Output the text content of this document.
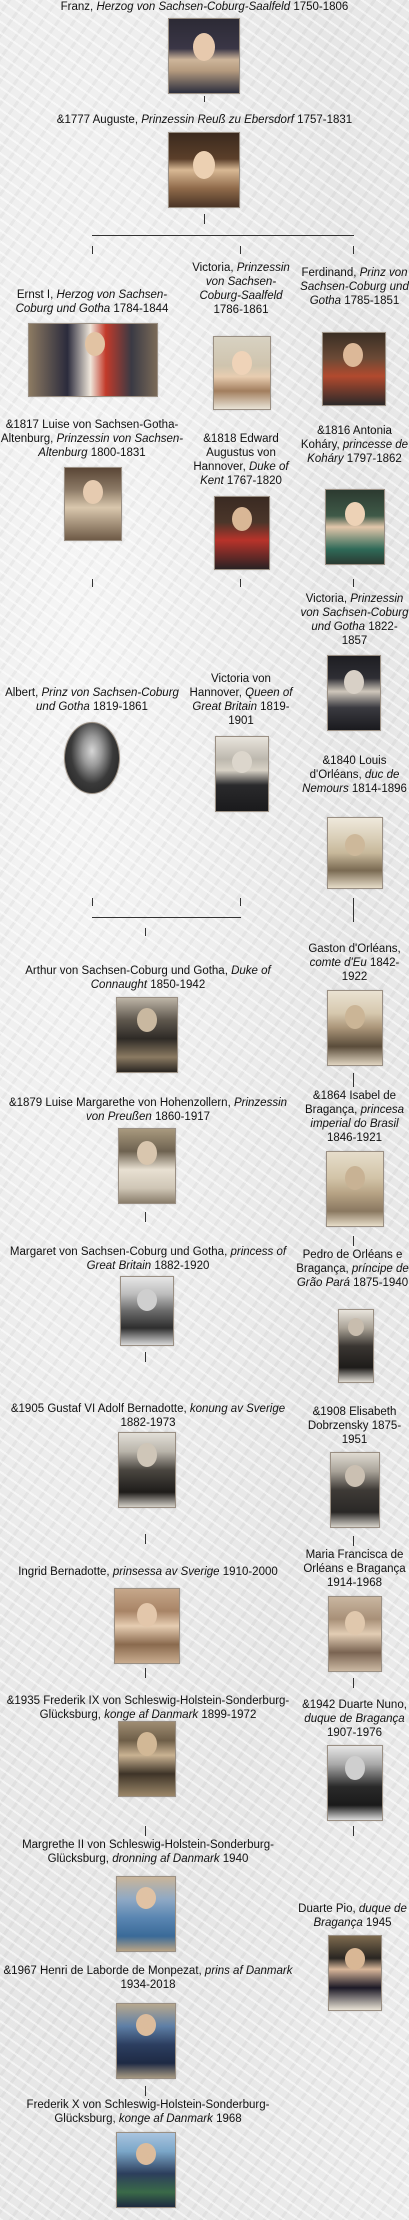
Franz, Herzog von Sachsen-Coburg-Saalfeld 1750-1806
&1777 Auguste, Prinzessin Reuß zu Ebersdorf 1757-1831
Ernst I, Herzog von Sachsen-Coburg und Gotha 1784-1844
Victoria, Prinzessin von Sachsen-Coburg-Saalfeld 1786-1861
Ferdinand, Prinz von Sachsen-Coburg und Gotha 1785-1851
&1817 Luise von Sachsen-Gotha-Altenburg, Prinzessin von Sachsen-Altenburg 1800-1831
&1818 Edward Augustus von Hannover, Duke of Kent 1767-1820
&1816 Antonia Koháry, princesse de Koháry 1797-1862
Victoria, Prinzessin von Sachsen-Coburg und Gotha 1822-1857
Albert, Prinz von Sachsen-Coburg und Gotha 1819-1861
Victoria von Hannover, Queen of Great Britain 1819-1901
&1840 Louis d'Orléans, duc de Nemours 1814-1896
Arthur von Sachsen-Coburg und Gotha, Duke of Connaught 1850-1942
Gaston d'Orléans, comte d'Eu 1842-1922
&1879 Luise Margarethe von Hohenzollern, Prinzessin von Preußen 1860-1917
&1864 Isabel de Bragança, princesa imperial do Brasil 1846-1921
Margaret von Sachsen-Coburg und Gotha, princess of Great Britain 1882-1920
Pedro de Orléans e Bragança, príncipe de Grão Pará 1875-1940
&1905 Gustaf VI Adolf Bernadotte, konung av Sverige 1882-1973
&1908 Elisabeth Dobrzensky 1875-1951
Ingrid Bernadotte, prinsessa av Sverige 1910-2000
Maria Francisca de Orléans e Bragança 1914-1968
&1935 Frederik IX von Schleswig-Holstein-Sonderburg-Glücksburg, konge af Danmark 1899-1972
&1942 Duarte Nuno, duque de Bragança 1907-1976
Margrethe II von Schleswig-Holstein-Sonderburg-Glücksburg, dronning af Danmark 1940
Duarte Pio, duque de Bragança 1945
&1967 Henri de Laborde de Monpezat, prins af Danmark 1934-2018
Frederik X von Schleswig-Holstein-Sonderburg-Glücksburg, konge af Danmark 1968
